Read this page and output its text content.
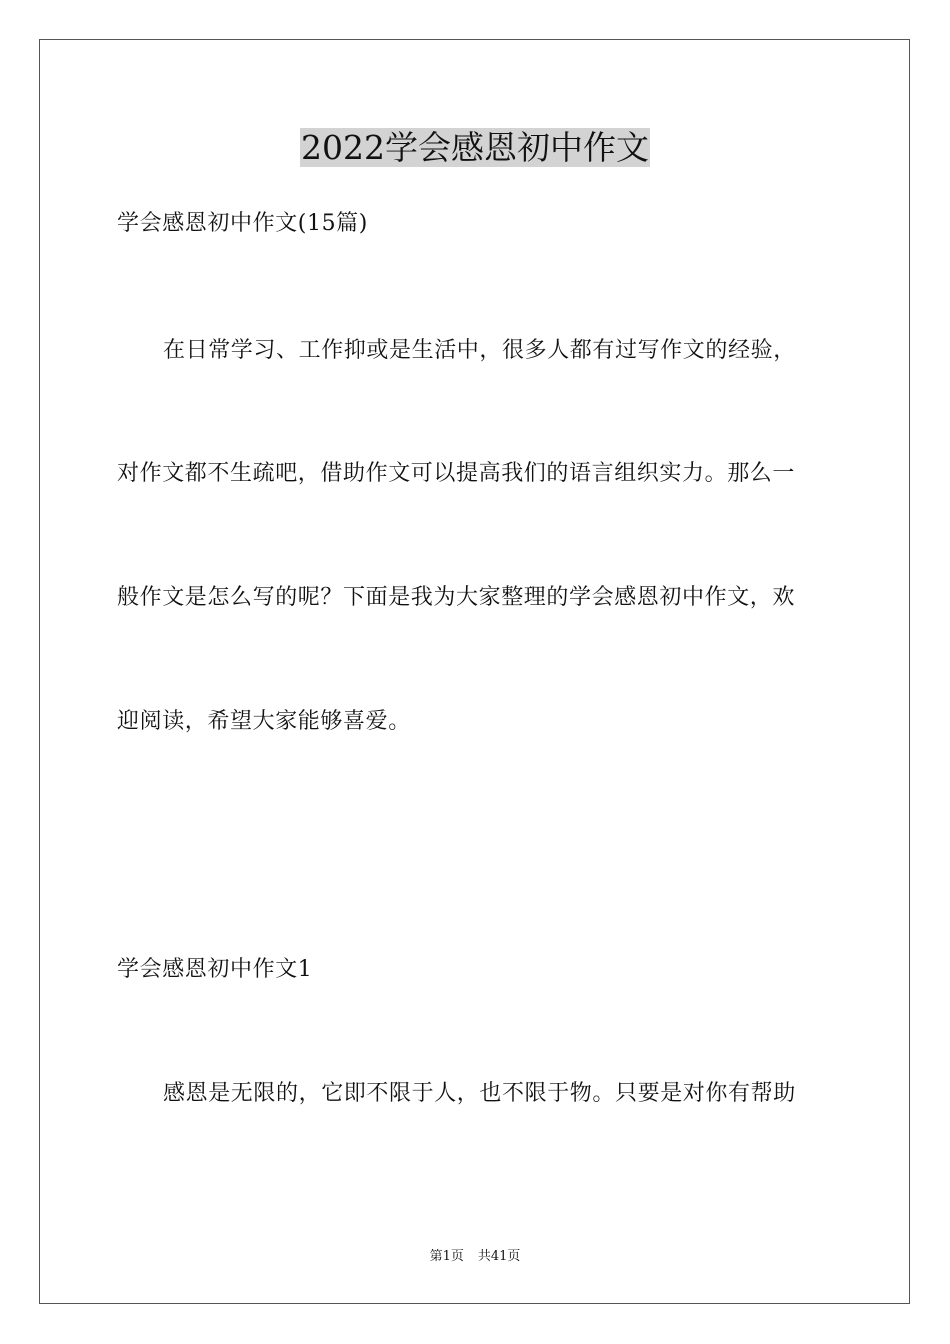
2022学会感恩初中作文
学会感恩初中作文(15篇)
在日常学习、工作抑或是生活中，很多人都有过写作文的经验，
对作文都不生疏吧，借助作文可以提高我们的语言组织实力。那么一
般作文是怎么写的呢？下面是我为大家整理的学会感恩初中作文，欢
迎阅读，希望大家能够喜爱。
学会感恩初中作文1
感恩是无限的，它即不限于人，也不限于物。只要是对你有帮助
第1页 共41页
